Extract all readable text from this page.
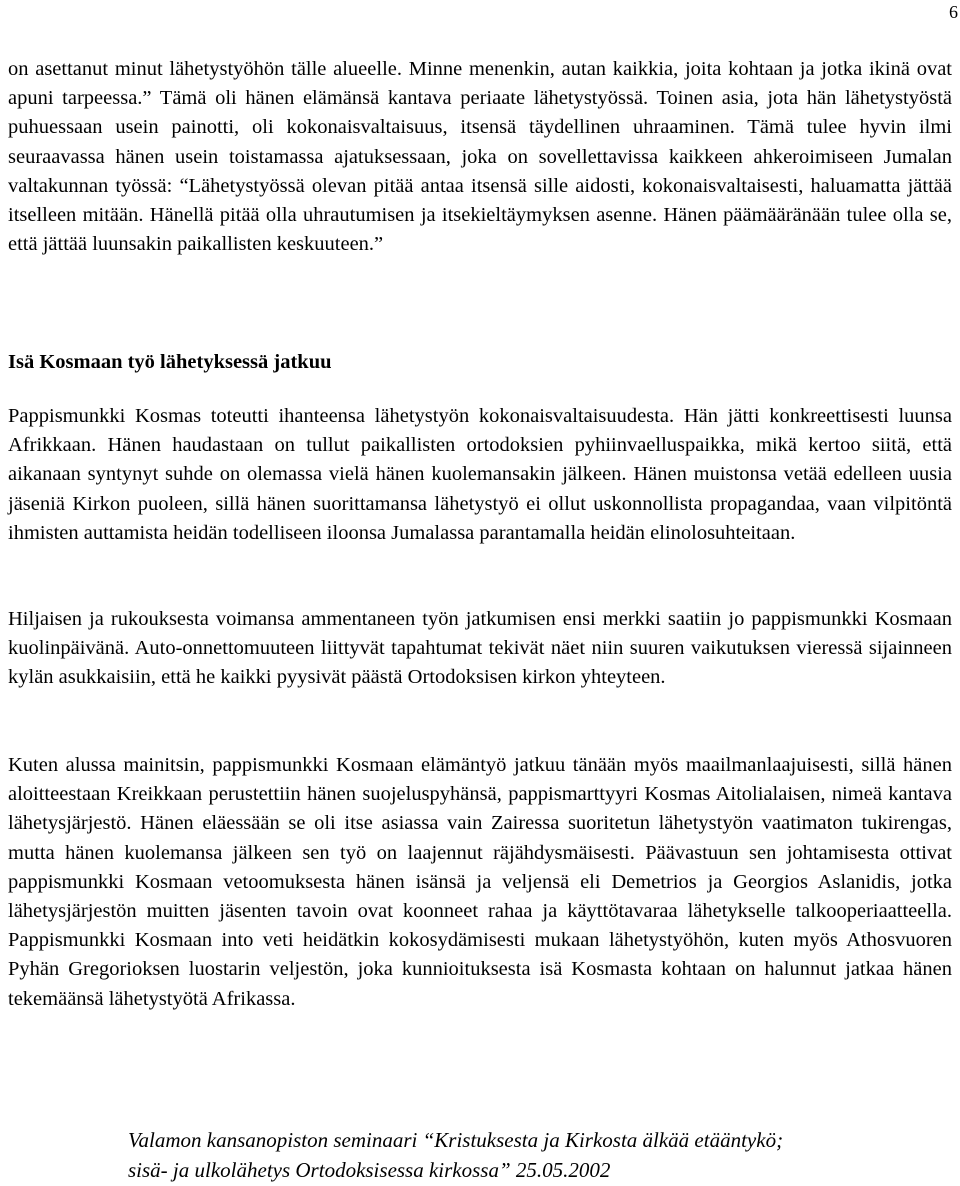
6

on asettanut minut lähetystyöhön tälle alueelle. Minne menenkin, autan kaikkia, joita kohtaan ja jotka ikinä ovat apuni tarpeessa.” Tämä oli hänen elämänsä kantava periaate lähetystyössä. Toinen asia, jota hän lähetystyöstä puhuessaan usein painotti, oli kokonaisvaltaisuus, itsensä täydellinen uhraaminen. Tämä tulee hyvin ilmi seuraavassa hänen usein toistamassa ajatuksessaan, joka on sovellettavissa kaikkeen ahkeroimiseen Jumalan valtakunnan työssä: “Lähetystyössä olevan pitää antaa itsensä sille aidosti, kokonaisvaltaisesti, haluamatta jättää itselleen mitään. Hänellä pitää olla uhrautumisen ja itsekieltäymyksen asenne. Hänen päämääränään tulee olla se, että jättää luunsakin paikallisten keskuuteen.”

Isä Kosmaan työ lähetyksessä jatkuu

Pappismunkki Kosmas toteutti ihanteensa lähetystyön kokonaisvaltaisuudesta. Hän jätti konkreettisesti luunsa Afrikkaan. Hänen haudastaan on tullut paikallisten ortodoksien pyhiinvaelluspaikka, mikä kertoo siitä, että aikanaan syntynyt suhde on olemassa vielä hänen kuolemansakin jälkeen. Hänen muistonsa vetää edelleen uusia jäseniä Kirkon puoleen, sillä hänen suorittamansa lähetystyö ei ollut uskonnollista propagandaa, vaan vilpitöntä ihmisten auttamista heidän todelliseen iloonsa Jumalassa parantamalla heidän elinolosuhteitaan.

Hiljaisen ja rukouksesta voimansa ammentaneen työn jatkumisen ensi merkki saatiin jo pappismunkki Kosmaan kuolinpäivänä. Auto-onnettomuuteen liittyvät tapahtumat tekivät näet niin suuren vaikutuksen vieressä sijainneen kylän asukkaisiin, että he kaikki pyysivät päästä Ortodoksisen kirkon yhteyteen.

Kuten alussa mainitsin, pappismunkki Kosmaan elämäntyö jatkuu tänään myös maailmanlaajuisesti, sillä hänen aloitteestaan Kreikkaan perustettiin hänen suojeluspyhänsä, pappismarttyyri Kosmas Aitolialaisen, nimeä kantava lähetysjärjestö. Hänen eläessään se oli itse asiassa vain Zairessa suoritetun lähetystyön vaatimaton tukirengas, mutta hänen kuolemansa jälkeen sen työ on laajennut räjähdysmäisesti. Päävastuun sen johtamisesta ottivat pappismunkki Kosmaan vetoomuksesta hänen isänsä ja veljensä eli Demetrios ja Georgios Aslanidis, jotka lähetysjärjestön muitten jäsenten tavoin ovat koonneet rahaa ja käyttötavaraa lähetykselle talkooperiaatteella. Pappismunkki Kosmaan into veti heidätkin kokosydämisesti mukaan lähetystyöhön, kuten myös Athosvuoren Pyhän Gregorioksen luostarin veljestön, joka kunnioituksesta isä Kosmasta kohtaan on halunnut jatkaa hänen tekemäänsä lähetystyötä Afrikassa.

Valamon kansanopiston seminaari “Kristuksesta ja Kirkosta älkää etääntykö;
sisä- ja ulkolähetys Ortodoksisessa kirkossa” 25.05.2002
